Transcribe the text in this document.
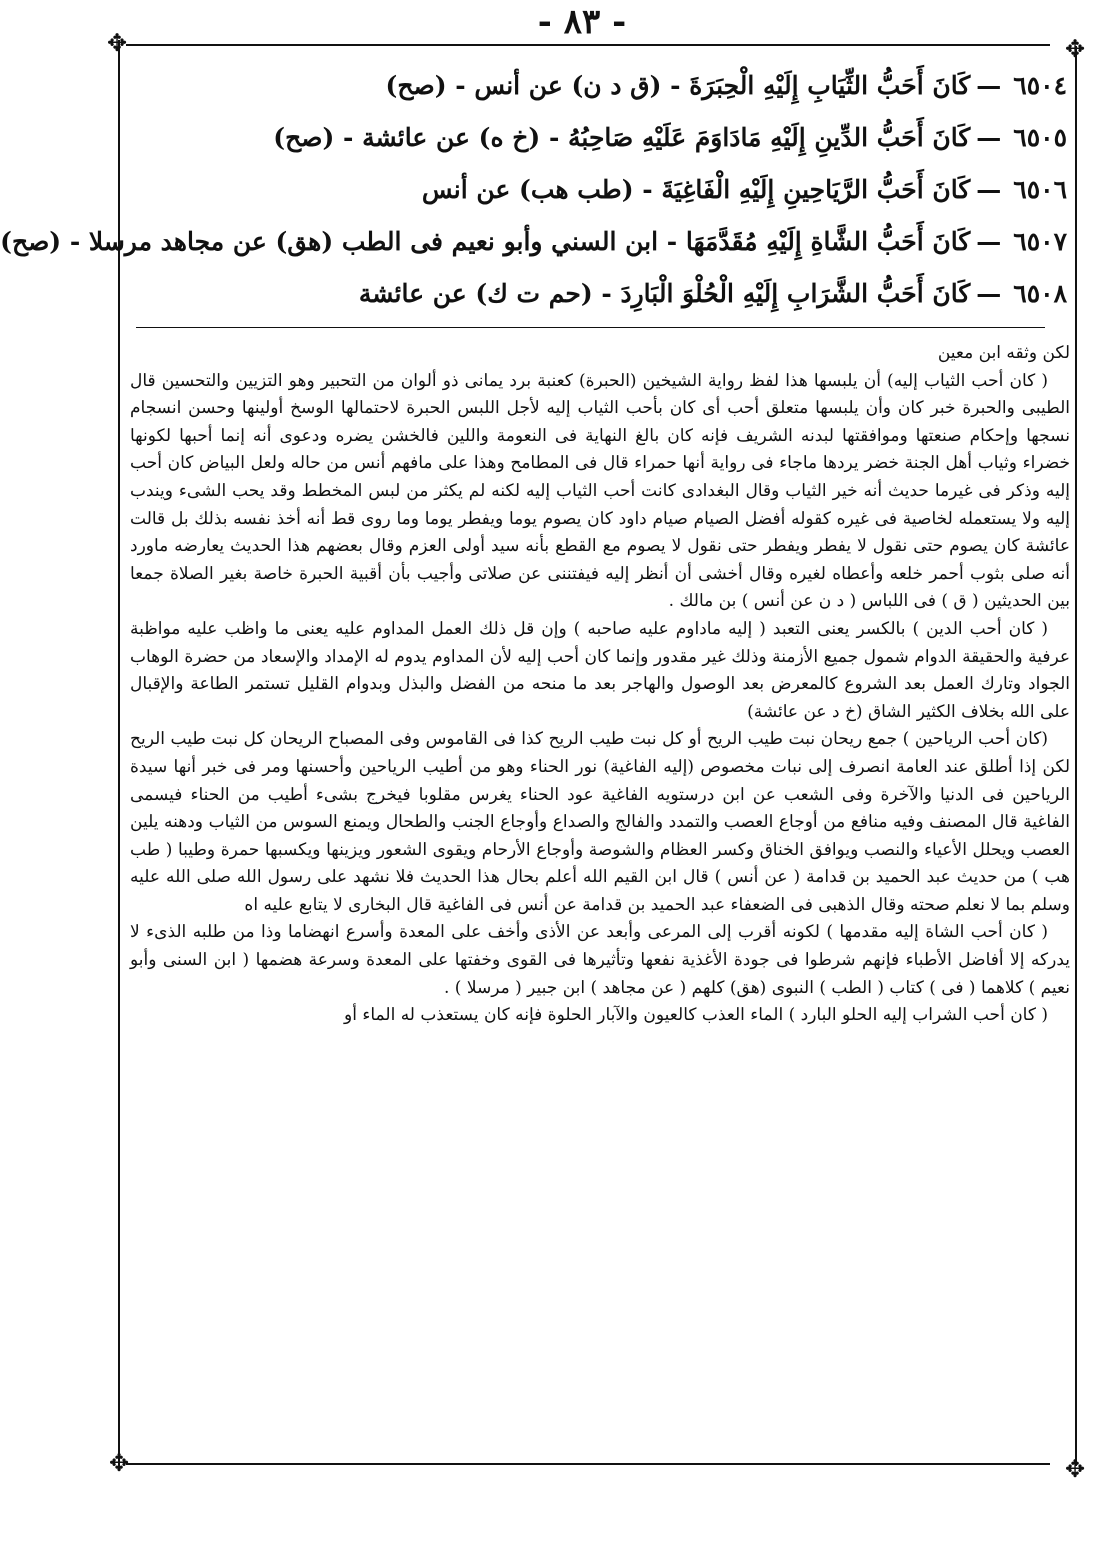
✥	✥
✥	✥
- ٨٣ -
٦٥٠٤—كَانَ أَحَبُّ الثِّيَابِ إِلَيْهِ الْحِبَرَةَ - (ق د ن) عن أنس - (صح)
٦٥٠٥—كَانَ أَحَبُّ الدِّينِ إِلَيْهِ مَادَاوَمَ عَلَيْهِ صَاحِبُهُ - (خ ه) عن عائشة - (صح)
٦٥٠٦—كَانَ أَحَبُّ الرَّيَاحِينِ إِلَيْهِ الْفَاغِيَةَ - (طب هب) عن أنس
٦٥٠٧—كَانَ أَحَبُّ الشَّاةِ إِلَيْهِ مُقَدَّمَهَا - ابن السني وأبو نعيم فى الطب (هق) عن مجاهد مرسلا - (صح)
٦٥٠٨—كَانَ أَحَبُّ الشَّرَابِ إِلَيْهِ الْحُلْوَ الْبَارِدَ - (حم ت ك) عن عائشة

لكن وثقه ابن معين

( كان أحب الثياب إليه) أن يلبسها هذا لفظ رواية الشيخين (الحبرة) كعنبة برد يمانى ذو ألوان من التحبير وهو التزيين والتحسين قال الطيبى والحبرة خبر كان وأن يلبسها متعلق أحب أى كان بأحب الثياب إليه لأجل اللبس الحبرة لاحتمالها الوسخ أولينها وحسن انسجام نسجها وإحكام صنعتها وموافقتها لبدنه الشريف فإنه كان بالغ النهاية فى النعومة واللين فالخشن يضره ودعوى أنه إنما أحبها لكونها خضراء وثياب أهل الجنة خضر يردها ماجاء فى رواية أنها حمراء قال فى المطامح وهذا على مافهم أنس من حاله ولعل البياض كان أحب إليه وذكر فى غيرما حديث أنه خير الثياب وقال البغدادى كانت أحب الثياب إليه لكنه لم يكثر من لبس المخطط وقد يحب الشىء ويندب إليه ولا يستعمله لخاصية فى غيره كقوله أفضل الصيام صيام داود كان يصوم يوما ويفطر يوما وما روى قط أنه أخذ نفسه بذلك بل قالت عائشة كان يصوم حتى نقول لا يفطر ويفطر حتى نقول لا يصوم مع القطع بأنه سيد أولى العزم وقال بعضهم هذا الحديث يعارضه ماورد أنه صلى بثوب أحمر خلعه وأعطاه لغيره وقال أخشى أن أنظر إليه فيفتننى عن صلاتى وأجيب بأن أقبية الحبرة خاصة بغير الصلاة جمعا بين الحديثين ( ق ) فى اللباس ( د ن عن أنس ) بن مالك .

( كان أحب الدين ) بالكسر يعنى التعبد ( إليه ماداوم عليه صاحبه ) وإن قل ذلك العمل المداوم عليه يعنى ما واظب عليه مواظبة عرفية والحقيقة الدوام شمول جميع الأزمنة وذلك غير مقدور وإنما كان أحب إليه لأن المداوم يدوم له الإمداد والإسعاد من حضرة الوهاب الجواد وتارك العمل بعد الشروع كالمعرض بعد الوصول والهاجر بعد ما منحه من الفضل والبذل وبدوام القليل تستمر الطاعة والإقبال على الله بخلاف الكثير الشاق (خ د عن عائشة)

(كان أحب الرياحين ) جمع ريحان نبت طيب الريح أو كل نبت طيب الريح كذا فى القاموس وفى المصباح الريحان كل نبت طيب الريح لكن إذا أطلق عند العامة انصرف إلى نبات مخصوص (إليه الفاغية) نور الحناء وهو من أطيب الرياحين وأحسنها ومر فى خبر أنها سيدة الرياحين فى الدنيا والآخرة وفى الشعب عن ابن درستويه الفاغية عود الحناء يغرس مقلوبا فيخرج بشىء أطيب من الحناء فيسمى الفاغية قال المصنف وفيه منافع من أوجاع العصب والتمدد والفالج والصداع وأوجاع الجنب والطحال ويمنع السوس من الثياب ودهنه يلين العصب ويحلل الأعياء والنصب ويوافق الخناق وكسر العظام والشوصة وأوجاع الأرحام ويقوى الشعور ويزينها ويكسبها حمرة وطيبا ( طب هب ) من حديث عبد الحميد بن قدامة ( عن أنس ) قال ابن القيم الله أعلم بحال هذا الحديث فلا نشهد على رسول الله صلى الله عليه وسلم بما لا نعلم صحته وقال الذهبى فى الضعفاء عبد الحميد بن قدامة عن أنس فى الفاغية قال البخارى لا يتابع عليه اه

( كان أحب الشاة إليه مقدمها ) لكونه أقرب إلى المرعى وأبعد عن الأذى وأخف على المعدة وأسرع انهضاما وذا من طلبه الذىء لا يدركه إلا أفاضل الأطباء فإنهم شرطوا فى جودة الأغذية نفعها وتأثيرها فى القوى وخفتها على المعدة وسرعة هضمها ( ابن السنى وأبو نعيم ) كلاهما ( فى ) كتاب ( الطب ) النبوى (هق) كلهم ( عن مجاهد ) ابن جبير ( مرسلا ) .

( كان أحب الشراب إليه الحلو البارد ) الماء العذب كالعيون والآبار الحلوة فإنه كان يستعذب له الماء أو
